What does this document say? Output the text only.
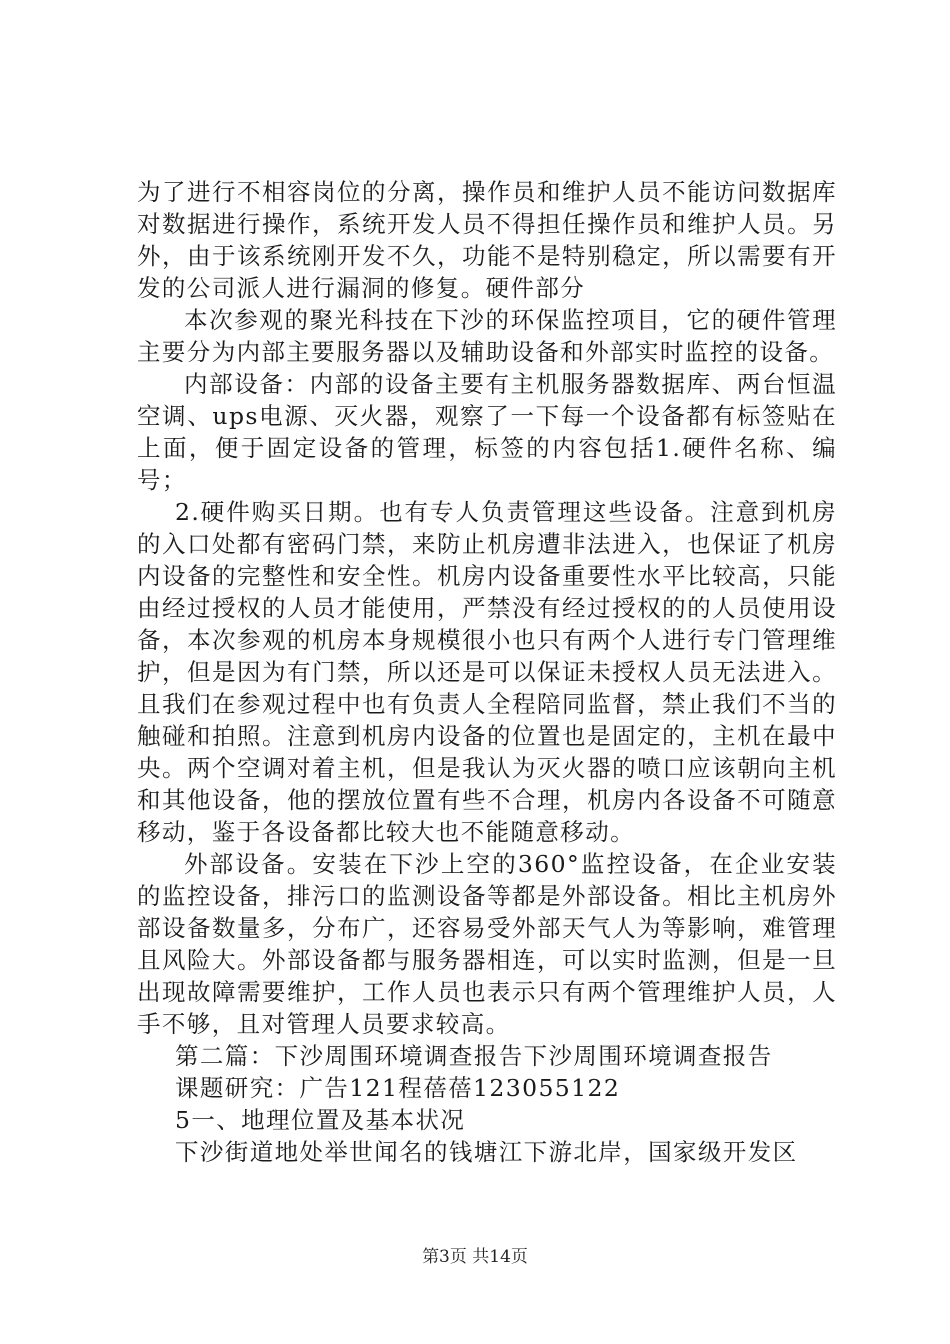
为了进行不相容岗位的分离，操作员和维护人员不能访问数据库对数据进行操作，系统开发人员不得担任操作员和维护人员。另外，由于该系统刚开发不久，功能不是特别稳定，所以需要有开发的公司派人进行漏洞的修复。硬件部分

本次参观的聚光科技在下沙的环保监控项目，它的硬件管理主要分为内部主要服务器以及辅助设备和外部实时监控的设备。

内部设备：内部的设备主要有主机服务器数据库、两台恒温空调、ups电源、灭火器，观察了一下每一个设备都有标签贴在上面，便于固定设备的管理，标签的内容包括1.硬件名称、编号；

2.硬件购买日期。也有专人负责管理这些设备。注意到机房的入口处都有密码门禁，来防止机房遭非法进入，也保证了机房内设备的完整性和安全性。机房内设备重要性水平比较高，只能由经过授权的人员才能使用，严禁没有经过授权的的人员使用设备，本次参观的机房本身规模很小也只有两个人进行专门管理维护，但是因为有门禁，所以还是可以保证未授权人员无法进入。且我们在参观过程中也有负责人全程陪同监督，禁止我们不当的触碰和拍照。注意到机房内设备的位置也是固定的，主机在最中央。两个空调对着主机，但是我认为灭火器的喷口应该朝向主机和其他设备，他的摆放位置有些不合理，机房内各设备不可随意移动，鉴于各设备都比较大也不能随意移动。

外部设备。安装在下沙上空的360°监控设备，在企业安装的监控设备，排污口的监测设备等都是外部设备。相比主机房外部设备数量多，分布广，还容易受外部天气人为等影响，难管理且风险大。外部设备都与服务器相连，可以实时监测，但是一旦出现故障需要维护，工作人员也表示只有两个管理维护人员，人手不够，且对管理人员要求较高。

第二篇：下沙周围环境调查报告下沙周围环境调查报告

课题研究：广告121程蓓蓓123055122

5一、地理位置及基本状况

下沙街道地处举世闻名的钱塘江下游北岸，国家级开发区

第3页 共14页
